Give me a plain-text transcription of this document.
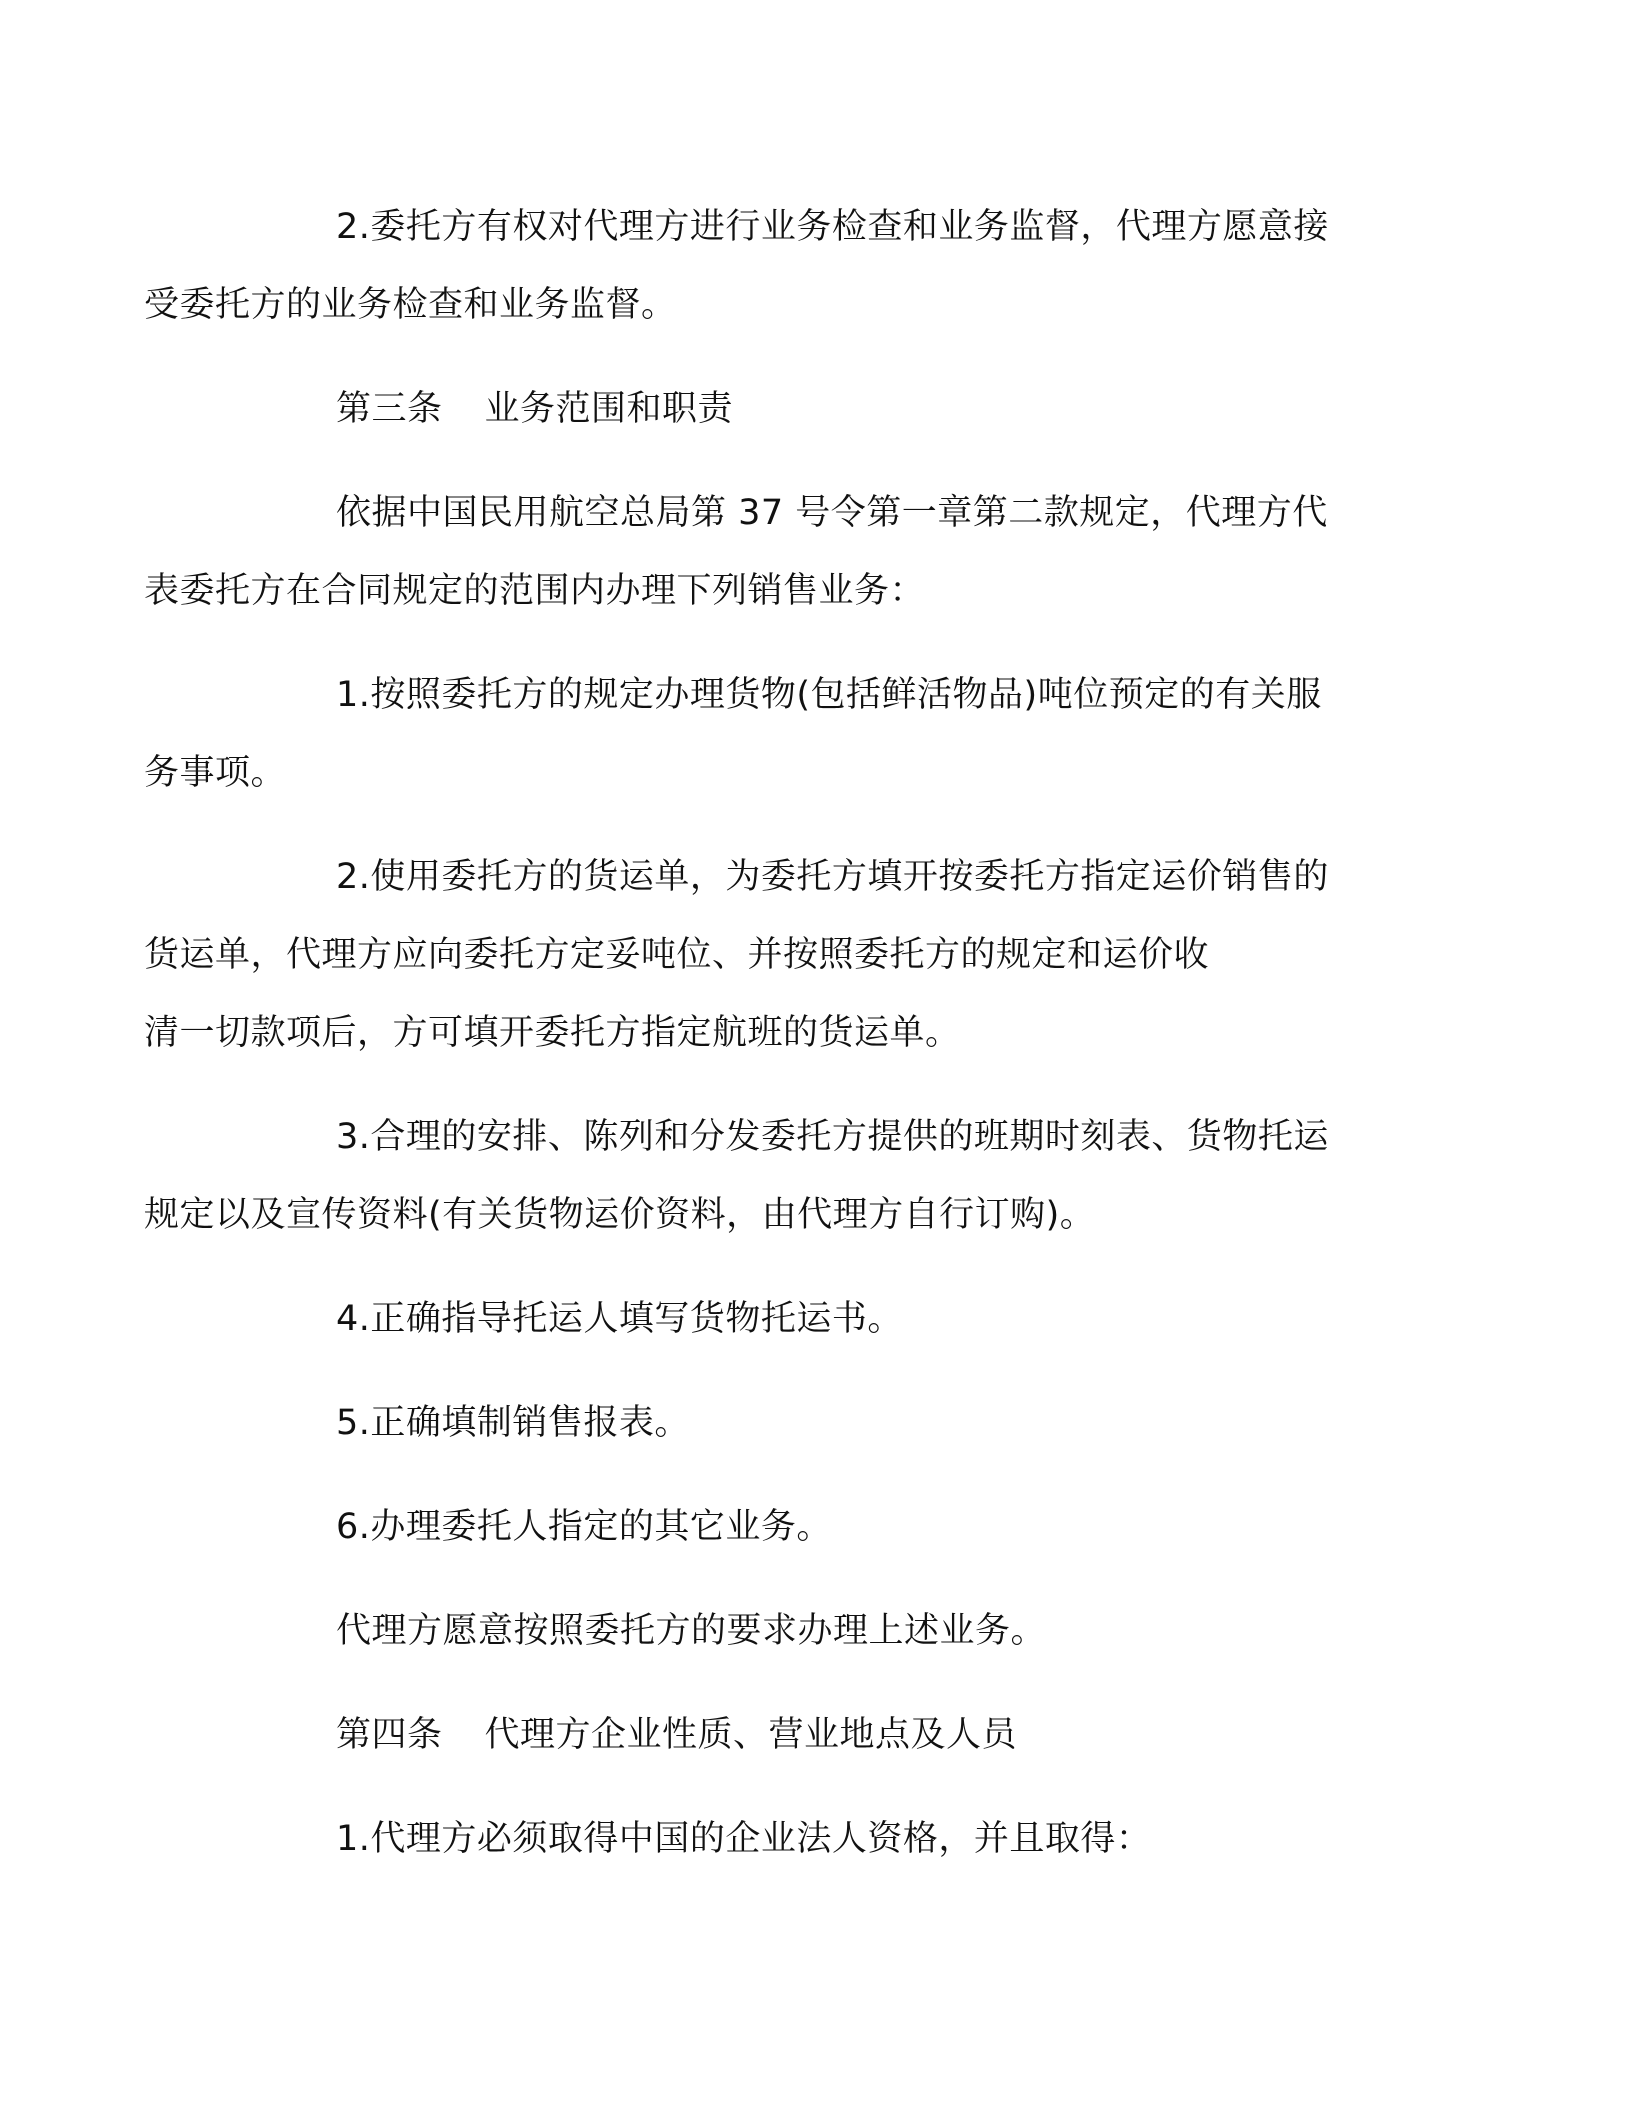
2.委托方有权对代理方进行业务检查和业务监督，代理方愿意接
受委托方的业务检查和业务监督。

第三条 业务范围和职责

依据中国民用航空总局第 37 号令第一章第二款规定，代理方代
表委托方在合同规定的范围内办理下列销售业务：

1.按照委托方的规定办理货物(包括鲜活物品)吨位预定的有关服
务事项。

2.使用委托方的货运单，为委托方填开按委托方指定运价销售的
货运单，代理方应向委托方定妥吨位、并按照委托方的规定和运价收
清一切款项后，方可填开委托方指定航班的货运单。

3.合理的安排、陈列和分发委托方提供的班期时刻表、货物托运
规定以及宣传资料(有关货物运价资料，由代理方自行订购)。

4.正确指导托运人填写货物托运书。

5.正确填制销售报表。

6.办理委托人指定的其它业务。

代理方愿意按照委托方的要求办理上述业务。

第四条 代理方企业性质、营业地点及人员

1.代理方必须取得中国的企业法人资格，并且取得：
